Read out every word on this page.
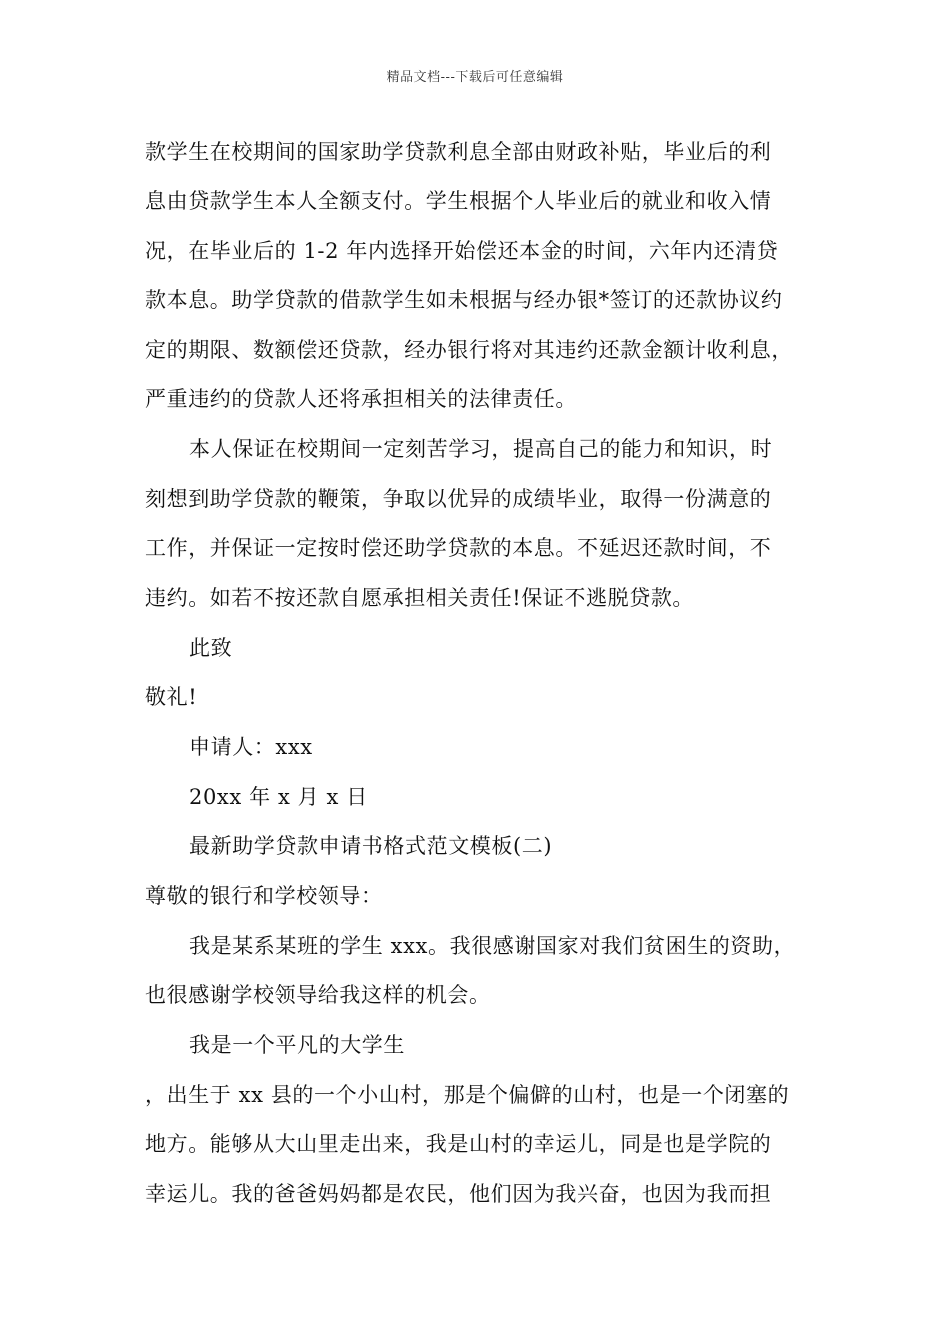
精品文档---下载后可任意编辑
款学生在校期间的国家助学贷款利息全部由财政补贴，毕业后的利
息由贷款学生本人全额支付。学生根据个人毕业后的就业和收入情
况，在毕业后的 1-2 年内选择开始偿还本金的时间，六年内还清贷
款本息。助学贷款的借款学生如未根据与经办银*签订的还款协议约
定的期限、数额偿还贷款，经办银行将对其违约还款金额计收利息，
严重违约的贷款人还将承担相关的法律责任。
本人保证在校期间一定刻苦学习，提高自己的能力和知识，时
刻想到助学贷款的鞭策，争取以优异的成绩毕业，取得一份满意的
工作，并保证一定按时偿还助学贷款的本息。不延迟还款时间，不
违约。如若不按还款自愿承担相关责任!保证不逃脱贷款。
此致
敬礼!
申请人：xxx
20xx 年 x 月 x 日
最新助学贷款申请书格式范文模板(二)
尊敬的银行和学校领导：
我是某系某班的学生 xxx。我很感谢国家对我们贫困生的资助，
也很感谢学校领导给我这样的机会。
我是一个平凡的大学生
，出生于 xx 县的一个小山村，那是个偏僻的山村，也是一个闭塞的
地方。能够从大山里走出来，我是山村的幸运儿，同是也是学院的
幸运儿。我的爸爸妈妈都是农民，他们因为我兴奋，也因为我而担
